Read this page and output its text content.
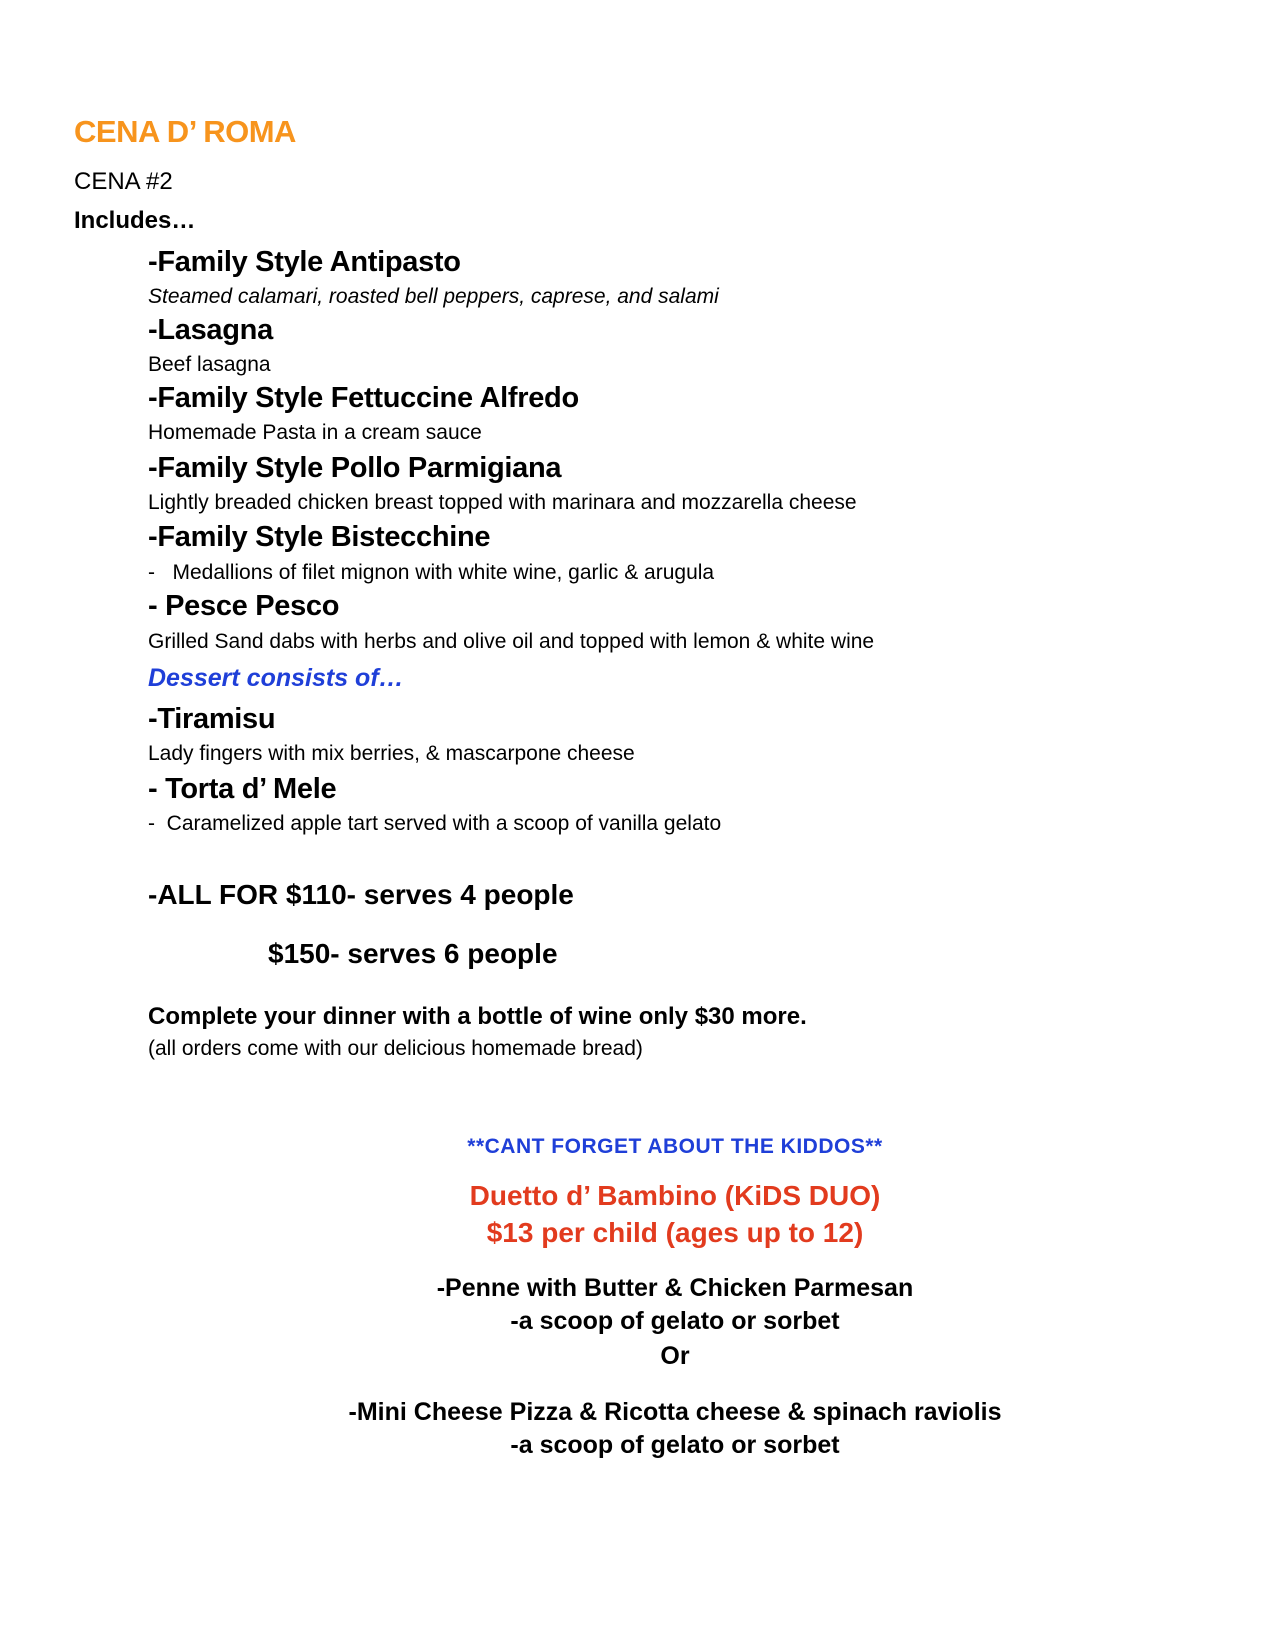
CENA D’ ROMA
CENA #2
Includes…
-Family Style Antipasto
Steamed calamari, roasted bell peppers, caprese, and salami
-Lasagna
Beef lasagna
-Family Style Fettuccine Alfredo
Homemade Pasta in a cream sauce
-Family Style Pollo Parmigiana
Lightly breaded chicken breast topped with marinara and mozzarella cheese
-Family Style Bistecchine
-   Medallions of filet mignon with white wine, garlic & arugula
- Pesce Pesco
Grilled Sand dabs with herbs and olive oil and topped with lemon & white wine
Dessert consists of…
-Tiramisu
Lady fingers with mix berries, & mascarpone cheese
- Torta d’ Mele
-  Caramelized apple tart served with a scoop of vanilla gelato
-ALL FOR $110- serves 4 people
$150- serves 6 people
Complete your dinner with a bottle of wine only $30 more.
(all orders come with our delicious homemade bread)
**CANT FORGET ABOUT THE KIDDOS**
Duetto d’ Bambino (KiDS DUO)
$13 per child (ages up to 12)
-Penne with Butter & Chicken Parmesan
-a scoop of gelato or sorbet
Or
-Mini Cheese Pizza & Ricotta cheese & spinach raviolis
-a scoop of gelato or sorbet
